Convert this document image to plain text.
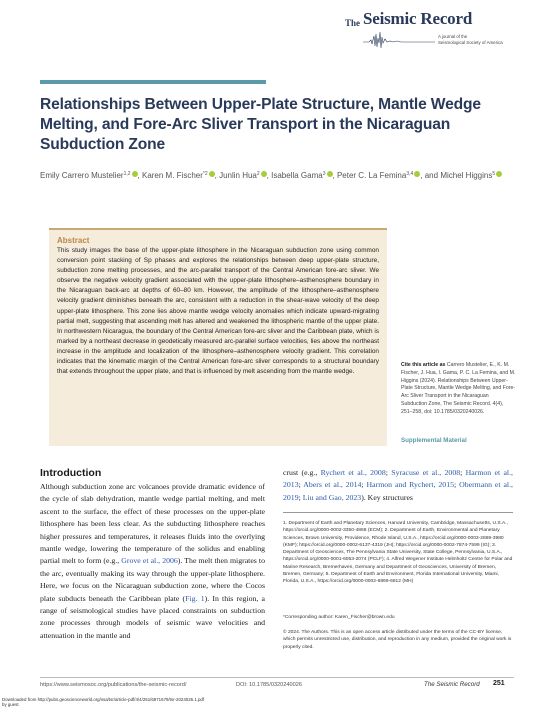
The Seismic Record
A journal of the
Seismological Society of America
Relationships Between Upper-Plate Structure, Mantle Wedge Melting, and Fore-Arc Sliver Transport in the Nicaraguan Subduction Zone
Emily Carrero Mustelier$^{1,2}$ , Karen M. Fischer$^{*2}$ , Junlin Hua$^2$ , Isabella Gama$^3$ , Peter C. La Femina$^{3,4}$ , and Michel Higgins$^5$
Abstract
This study images the base of the upper-plate lithosphere in the Nicaraguan subduction zone using common conversion point stacking of Sp phases and explores the relationships between deep upper-plate structure, subduction zone melting processes, and the arc-parallel transport of the Central American fore-arc sliver. We observe the negative velocity gradient associated with the upper-plate lithosphere–asthenosphere boundary in the Nicaraguan back-arc at depths of 60–80 km. However, the amplitude of the lithosphere–asthenosphere velocity gradient diminishes beneath the arc, consistent with a reduction in the shear-wave velocity of the deep upper-plate lithosphere. This zone lies above mantle wedge velocity anomalies which indicate upward-migrating partial melt, suggesting that ascending melt has altered and weakened the lithospheric mantle of the upper plate. In northwestern Nicaragua, the boundary of the Central American fore-arc sliver and the Caribbean plate, which is marked by a northeast decrease in geodetically measured arc-parallel surface velocities, lies above the northeast increase in the amplitude and localization of the lithosphere–asthenosphere velocity gradient. This correlation indicates that the kinematic margin of the Central American fore-arc sliver corresponds to a structural boundary that extends throughout the upper plate, and that is influenced by melt ascending from the mantle wedge.
Cite this article as Carrero Mustelier, E., K. M. Fischer, J. Hua, I. Gama, P. C. La Femina, and M. Higgins (2024). Relationships Between Upper-Plate Structure, Mantle Wedge Melting, and Fore-Arc Sliver Transport in the Nicaraguan Subduction Zone, The Seismic Record. 4(4), 251–258, doi: 10.1785/0320240026.
Supplemental Material
Introduction
Although subduction zone arc volcanoes provide dramatic evidence of the cycle of slab dehydration, mantle wedge partial melting, and melt ascent to the surface, the effect of these processes on the upper-plate lithosphere has been less clear. As the subducting lithosphere reaches higher pressures and temperatures, it releases fluids into the overlying mantle wedge, lowering the temperature of the solidus and enabling partial melt to form (e.g., Grove et al., 2006). The melt then migrates to the arc, eventually making its way through the upper-plate lithosphere. Here, we focus on the Nicaraguan subduction zone, where the Cocos plate subducts beneath the Caribbean plate (Fig. 1). In this region, a range of seismological studies have placed constraints on subduction zone processes through models of seismic wave velocities and attenuation in the mantle and
crust (e.g., Rychert et al., 2008; Syracuse et al., 2008; Harmon et al., 2013; Abers et al., 2014; Harmon and Rychert, 2015; Obermann et al., 2019; Liu and Gao, 2023). Key structures
1. Department of Earth and Planetary Sciences, Harvard University, Cambridge, Massachusetts, U.S.A., https://orcid.org/0000-0002-3350-4868 (ECM); 2. Department of Earth, Environmental and Planetary Sciences, Brown University, Providence, Rhode Island, U.S.A., https://orcid.org/0000-0003-2869-3980 (KMF); https://orcid.org/0000-0002-6137-4319 (JH); https://orcid.org/0000-0002-7874-7599 (IG); 3. Department of Geosciences, The Pennsylvania State University, State College, Pennsylvania, U.S.A., https://orcid.org/0000-0001-6053-2074 (PCLF); 4. Alfred Wegener Institute Helmholtz Centre for Polar and Marine Research, Bremerhaven, Germany and Department of Geosciences, University of Bremen, Bremen, Germany; 5. Department of Earth and Environment, Florida International University, Miami, Florida, U.S.A., https://orcid.org/0000-0002-6869-6812 (MH)
*Corresponding author: Karen_Fischer@brown.edu
© 2024. The Authors. This is an open access article distributed under the terms of the CC-BY license, which permits unrestricted use, distribution, and reproduction in any medium, provided the original work is properly cited.
https://www.seismosoc.org/publications/the-seismic-record/	DOI: 10.1785/0320240026	The Seismic Record 251
Downloaded from http://pubs.geoscienceworld.org/ssa/tsr/article-pdf/4/4/251/6971679/tsr-2024026.1.pdf
by guest
